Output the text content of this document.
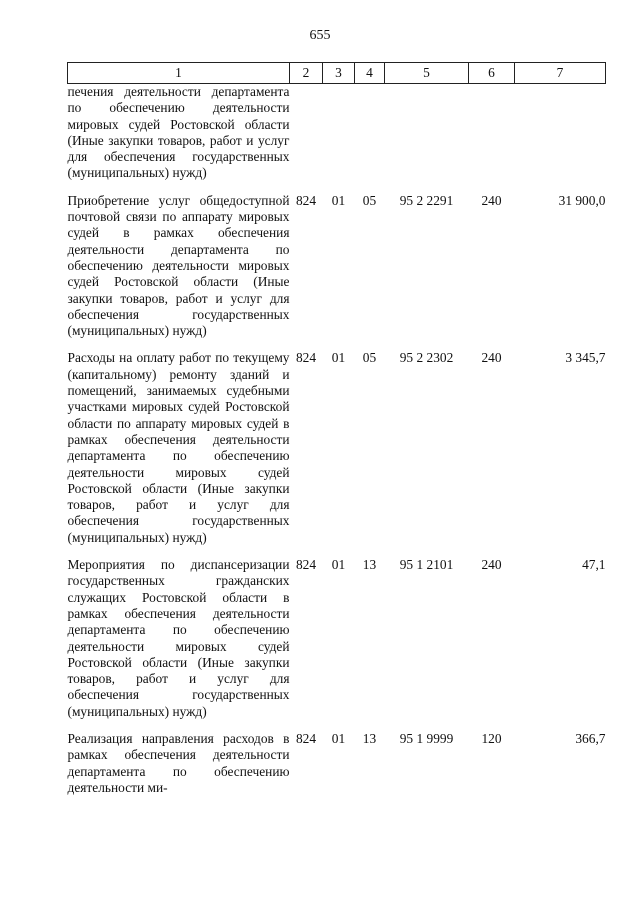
655
1	2	3	4	5	6	7
печения деятельности департамента по обеспечению деятельности мировых судей Ростовской области (Иные закупки товаров, работ и услуг для обеспечения государственных (муниципальных) нужд)						
Приобретение услуг общедоступной почтовой связи по аппарату мировых судей в рамках обеспечения деятельности департамента по обеспечению деятельности мировых судей Ростовской области (Иные закупки товаров, работ и услуг для обеспечения государственных (муниципальных) нужд)	824	01	05	95 2 2291	240	31 900,0
Расходы на оплату работ по текущему (капитальному) ремонту зданий и помещений, занимаемых судебными участками мировых судей Ростовской области по аппарату мировых судей в рамках обеспечения деятельности департамента по обеспечению деятельности мировых судей Ростовской области (Иные закупки товаров, работ и услуг для обеспечения государственных (муниципальных) нужд)	824	01	05	95 2 2302	240	3 345,7
Мероприятия по диспансеризации государственных гражданских служащих Ростовской области в рамках обеспечения деятельности департамента по обеспечению деятельности мировых судей Ростовской области (Иные закупки товаров, работ и услуг для обеспечения государственных (муниципальных) нужд)	824	01	13	95 1 2101	240	47,1
Реализация направления расходов в рамках обеспечения деятельности департамента по обеспечению деятельности ми-	824	01	13	95 1 9999	120	366,7
